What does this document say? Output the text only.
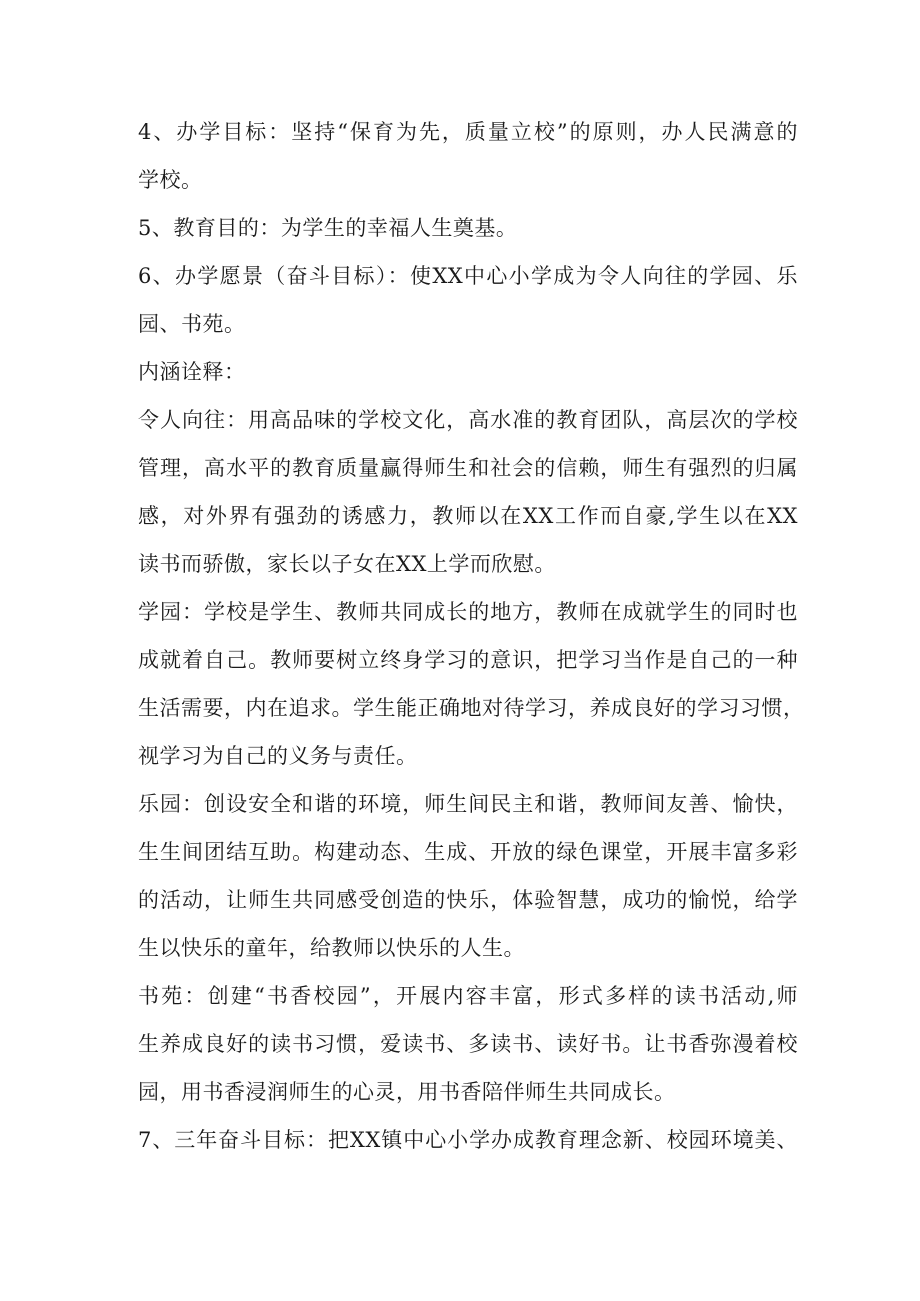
4、办学目标：坚持“保育为先，质量立校”的原则，办人民满意的
学校。
5、教育目的：为学生的幸福人生奠基。
6、办学愿景（奋斗目标）：使XX中心小学成为令人向往的学园、乐
园、书苑。
内涵诠释：
令人向往：用高品味的学校文化，高水准的教育团队，高层次的学校
管理，高水平的教育质量赢得师生和社会的信赖，师生有强烈的归属
感，对外界有强劲的诱感力，教师以在XX工作而自豪,学生以在XX
读书而骄傲，家长以子女在XX上学而欣慰。
学园：学校是学生、教师共同成长的地方，教师在成就学生的同时也
成就着自己。教师要树立终身学习的意识，把学习当作是自己的一种
生活需要，内在追求。学生能正确地对待学习，养成良好的学习习惯，
视学习为自己的义务与责任。
乐园：创设安全和谐的环境，师生间民主和谐，教师间友善、愉快，
生生间团结互助。构建动态、生成、开放的绿色课堂，开展丰富多彩
的活动，让师生共同感受创造的快乐，体验智慧，成功的愉悦，给学
生以快乐的童年，给教师以快乐的人生。
书苑：创建“书香校园”，开展内容丰富，形式多样的读书活动,师
生养成良好的读书习惯，爱读书、多读书、读好书。让书香弥漫着校
园，用书香浸润师生的心灵，用书香陪伴师生共同成长。
7、三年奋斗目标：把XX镇中心小学办成教育理念新、校园环境美、
